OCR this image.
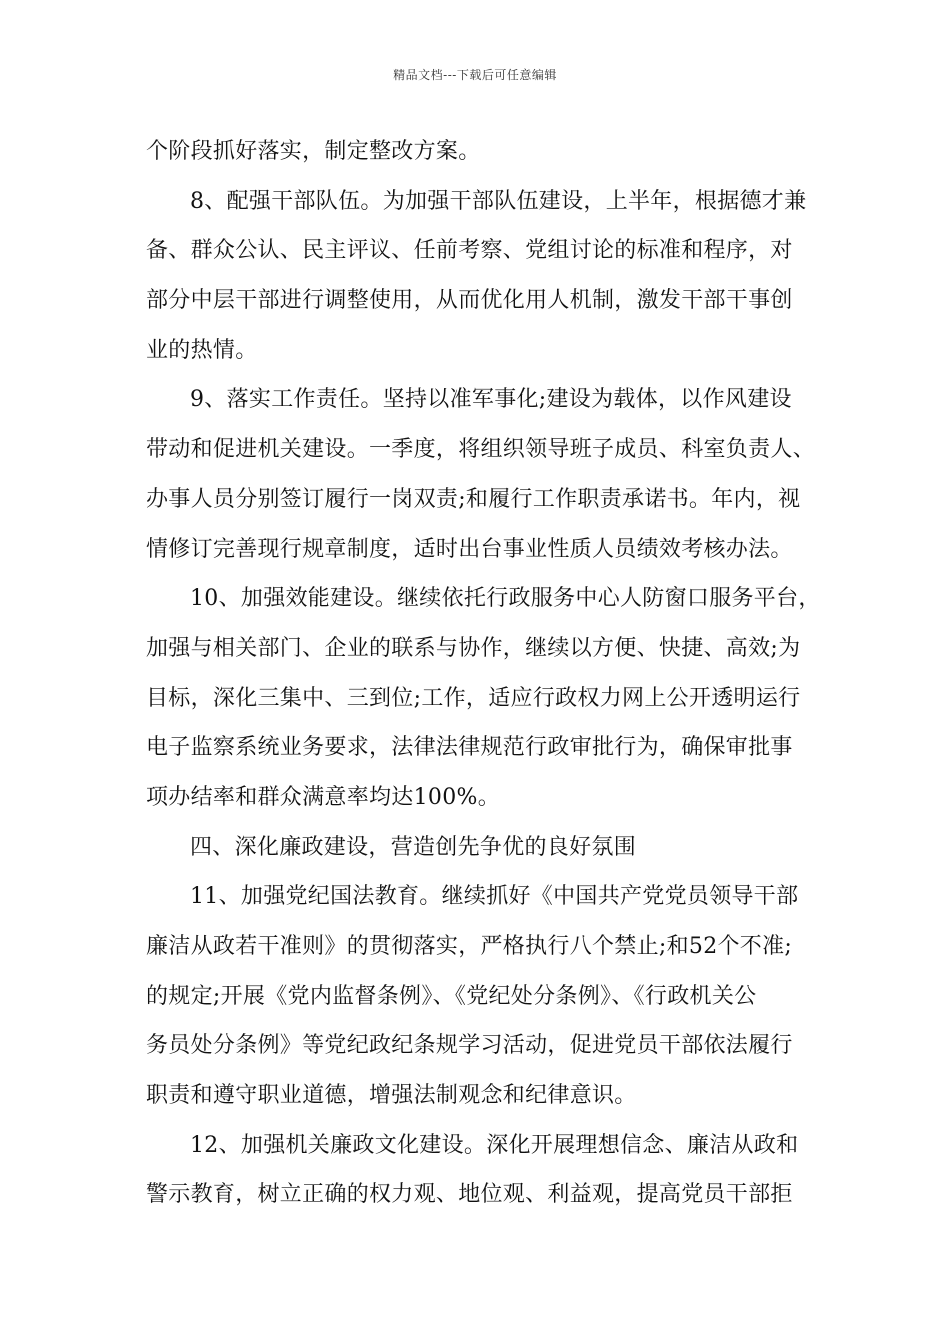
精品文档---下载后可任意编辑
个阶段抓好落实，制定整改方案。
8、配强干部队伍。为加强干部队伍建设，上半年，根据德才兼
备、群众公认、民主评议、任前考察、党组讨论的标准和程序，对
部分中层干部进行调整使用，从而优化用人机制，激发干部干事创
业的热情。
9、落实工作责任。坚持以准军事化;建设为载体，以作风建设
带动和促进机关建设。一季度，将组织领导班子成员、科室负责人、
办事人员分别签订履行一岗双责;和履行工作职责承诺书。年内，视
情修订完善现行规章制度，适时出台事业性质人员绩效考核办法。
10、加强效能建设。继续依托行政服务中心人防窗口服务平台，
加强与相关部门、企业的联系与协作，继续以方便、快捷、高效;为
目标，深化三集中、三到位;工作，适应行政权力网上公开透明运行
电子监察系统业务要求，法律法律规范行政审批行为，确保审批事
项办结率和群众满意率均达100%。
四、深化廉政建设，营造创先争优的良好氛围
11、加强党纪国法教育。继续抓好《中国共产党党员领导干部
廉洁从政若干准则》的贯彻落实，严格执行八个禁止;和52个不准;
的规定;开展《党内监督条例》、《党纪处分条例》、《行政机关公
务员处分条例》等党纪政纪条规学习活动，促进党员干部依法履行
职责和遵守职业道德，增强法制观念和纪律意识。
12、加强机关廉政文化建设。深化开展理想信念、廉洁从政和
警示教育，树立正确的权力观、地位观、利益观，提高党员干部拒
